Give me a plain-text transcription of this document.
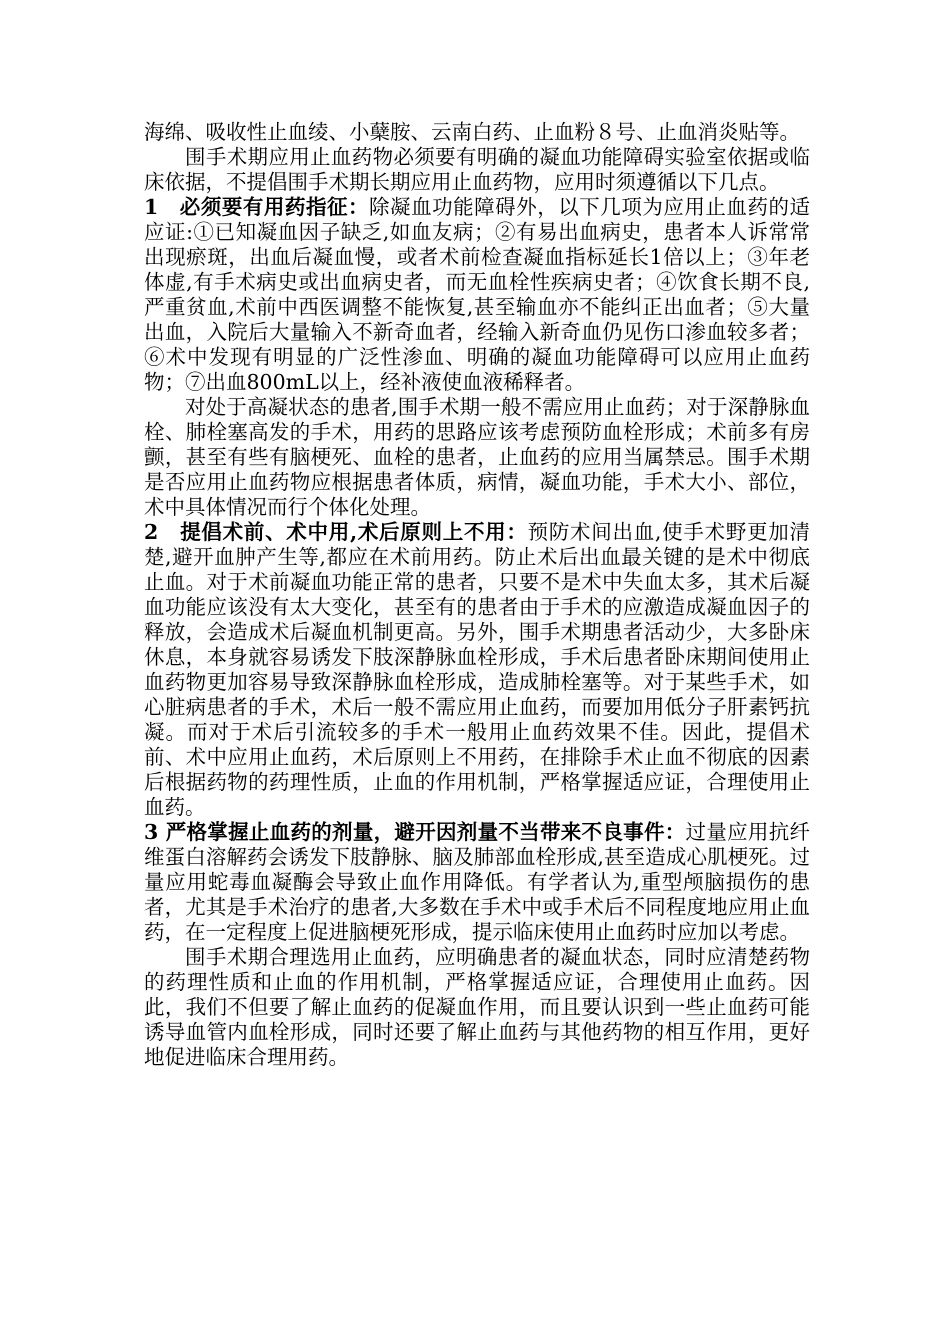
海绵、吸收性止血绫、小蘖胺、云南白药、止血粉８号、止血消炎贴等。

围手术期应用止血药物必须要有明确的凝血功能障碍实验室依据或临床依据，不提倡围手术期长期应用止血药物，应用时须遵循以下几点。

1　必须要有用药指征：除凝血功能障碍外，以下几项为应用止血药的适应证:①已知凝血因子缺乏,如血友病；②有易出血病史，患者本人诉常常出现瘀斑，出血后凝血慢，或者术前检查凝血指标延长1倍以上；③年老体虚,有手术病史或出血病史者，而无血栓性疾病史者；④饮食长期不良,严重贫血,术前中西医调整不能恢复,甚至输血亦不能纠正出血者；⑤大量出血，入院后大量输入不新奇血者，经输入新奇血仍见伤口渗血较多者；⑥术中发现有明显的广泛性渗血、明确的凝血功能障碍可以应用止血药物；⑦出血800mL以上，经补液使血液稀释者。

对处于高凝状态的患者,围手术期一般不需应用止血药；对于深静脉血栓、肺栓塞高发的手术，用药的思路应该考虑预防血栓形成；术前多有房颤，甚至有些有脑梗死、血栓的患者，止血药的应用当属禁忌。围手术期是否应用止血药物应根据患者体质，病情，凝血功能，手术大小、部位，术中具体情况而行个体化处理。

2　提倡术前、术中用,术后原则上不用：预防术间出血,使手术野更加清楚,避开血肿产生等,都应在术前用药。防止术后出血最关键的是术中彻底止血。对于术前凝血功能正常的患者，只要不是术中失血太多，其术后凝血功能应该没有太大变化，甚至有的患者由于手术的应激造成凝血因子的释放，会造成术后凝血机制更高。另外，围手术期患者活动少，大多卧床休息，本身就容易诱发下肢深静脉血栓形成，手术后患者卧床期间使用止血药物更加容易导致深静脉血栓形成，造成肺栓塞等。对于某些手术，如心脏病患者的手术，术后一般不需应用止血药，而要加用低分子肝素钙抗凝。而对于术后引流较多的手术一般用止血药效果不佳。因此，提倡术前、术中应用止血药，术后原则上不用药，在排除手术止血不彻底的因素后根据药物的药理性质，止血的作用机制，严格掌握适应证，合理使用止血药。

3 严格掌握止血药的剂量，避开因剂量不当带来不良事件：过量应用抗纤维蛋白溶解药会诱发下肢静脉、脑及肺部血栓形成,甚至造成心肌梗死。过量应用蛇毒血凝酶会导致止血作用降低。有学者认为,重型颅脑损伤的患者，尤其是手术治疗的患者,大多数在手术中或手术后不同程度地应用止血药，在一定程度上促进脑梗死形成，提示临床使用止血药时应加以考虑。

围手术期合理选用止血药，应明确患者的凝血状态，同时应清楚药物的药理性质和止血的作用机制，严格掌握适应证，合理使用止血药。因此，我们不但要了解止血药的促凝血作用，而且要认识到一些止血药可能诱导血管内血栓形成，同时还要了解止血药与其他药物的相互作用，更好地促进临床合理用药。
